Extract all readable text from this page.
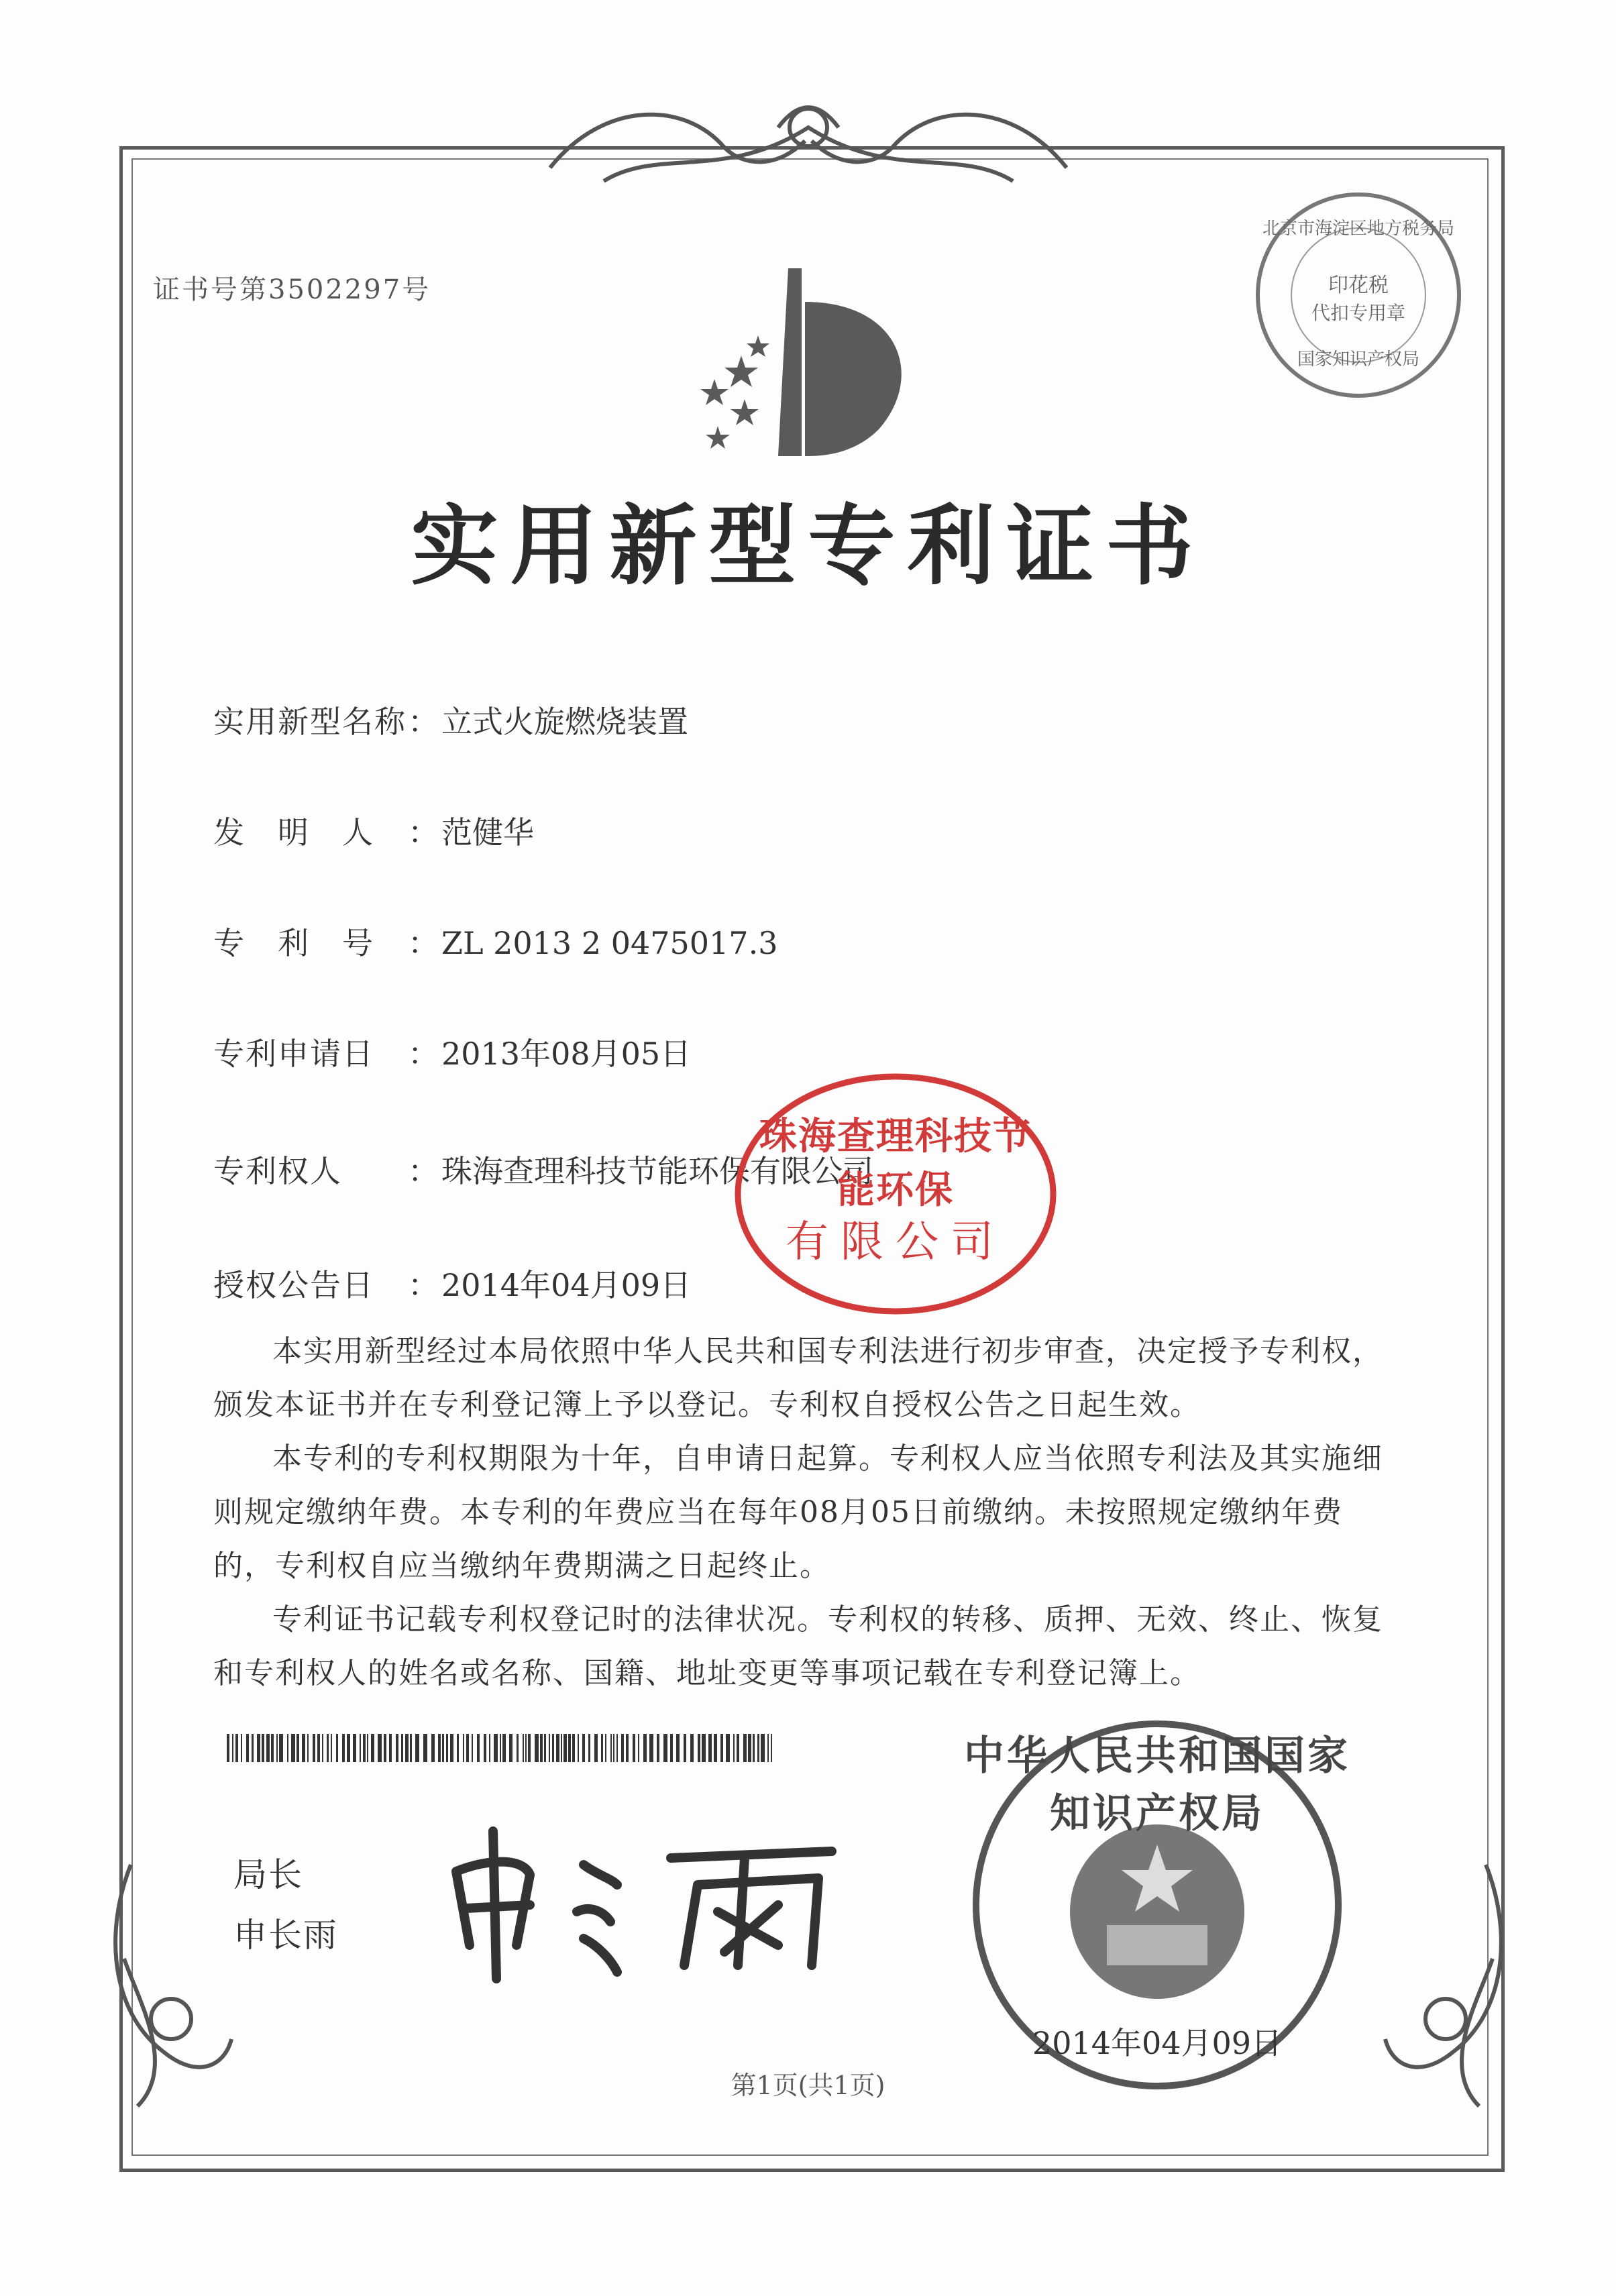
证书号第3502297号
北京市海淀区地方税务局
印花税
代扣专用章
国家知识产权局
实用新型专利证书
实用新型名称：立式火旋燃烧装置
发　明　人 ：范健华
专　利　号 ：ZL 2013 2 0475017.3
专利申请日 ：2013年08月05日
专利权人 ：珠海查理科技节能环保有限公司
授权公告日 ：2014年04月09日
珠海查理科技节能环保
有限公司
本实用新型经过本局依照中华人民共和国专利法进行初步审查，决定授予专利权，颁发本证书并在专利登记簿上予以登记。专利权自授权公告之日起生效。
本专利的专利权期限为十年，自申请日起算。专利权人应当依照专利法及其实施细则规定缴纳年费。本专利的年费应当在每年08月05日前缴纳。未按照规定缴纳年费的，专利权自应当缴纳年费期满之日起终止。
专利证书记载专利权登记时的法律状况。专利权的转移、质押、无效、终止、恢复和专利权人的姓名或名称、国籍、地址变更等事项记载在专利登记簿上。
局长
申长雨
中华人民共和国国家知识产权局
2014年04月09日
第1页(共1页)
